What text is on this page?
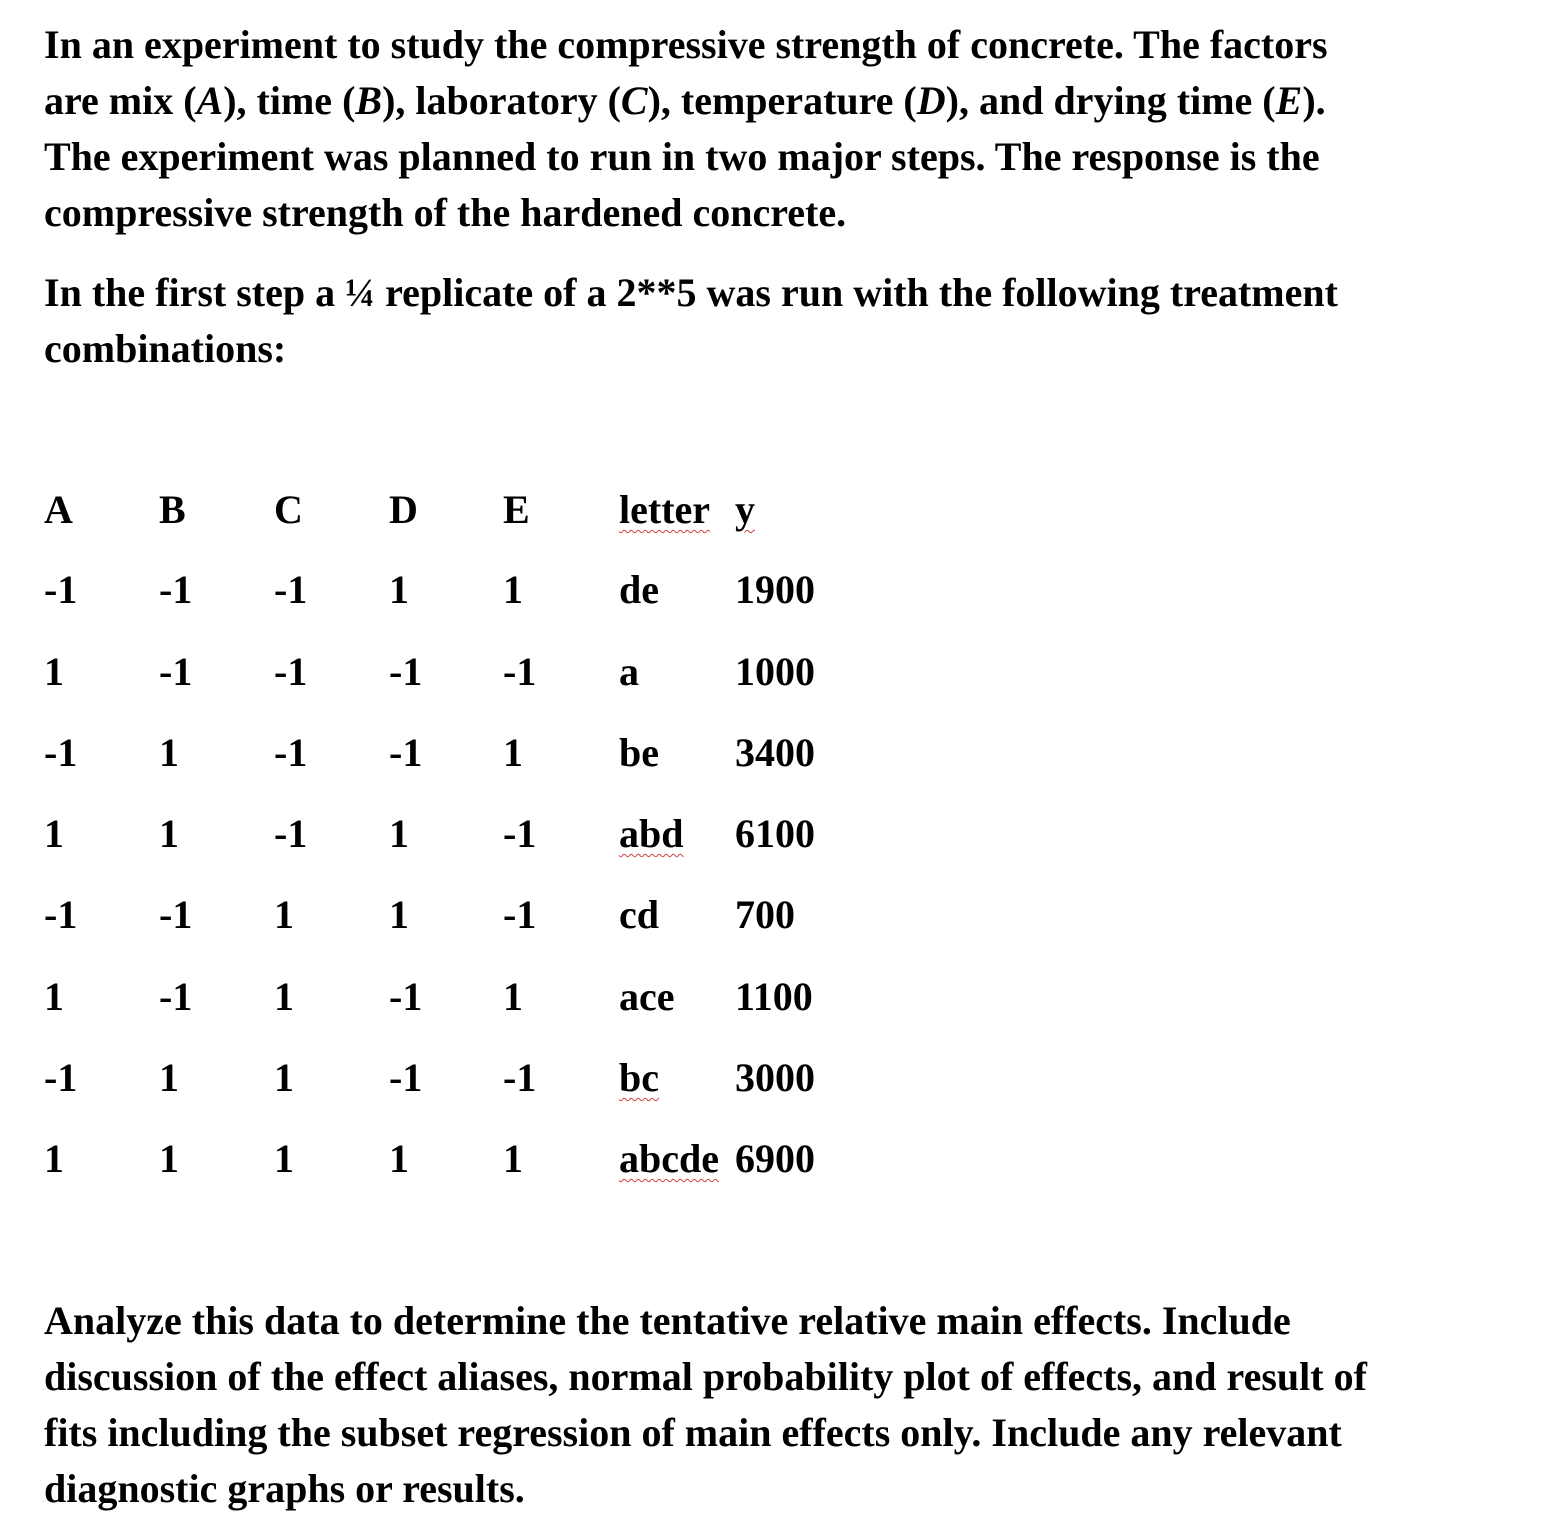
In an experiment to study the compressive strength of concrete. The factors
are mix (A), time (B), laboratory (C), temperature (D), and drying time (E).
The experiment was planned to run in two major steps. The response is the
compressive strength of the hardened concrete.

In the first step a ¼ replicate of a 2**5 was run with the following treatment
combinations:

A B C D E letter y
-1 -1 -1 1 1 de 1900
1 -1 -1 -1 -1 a 1000
-1 1 -1 -1 1 be 3400
1 1 -1 1 -1 abd 6100
-1 -1 1 1 -1 cd 700
1 -1 1 -1 1 ace 1100
-1 1 1 -1 -1 bc 3000
1 1 1 1 1 abcde 6900

Analyze this data to determine the tentative relative main effects. Include
discussion of the effect aliases, normal probability plot of effects, and result of
fits including the subset regression of main effects only. Include any relevant
diagnostic graphs or results.
